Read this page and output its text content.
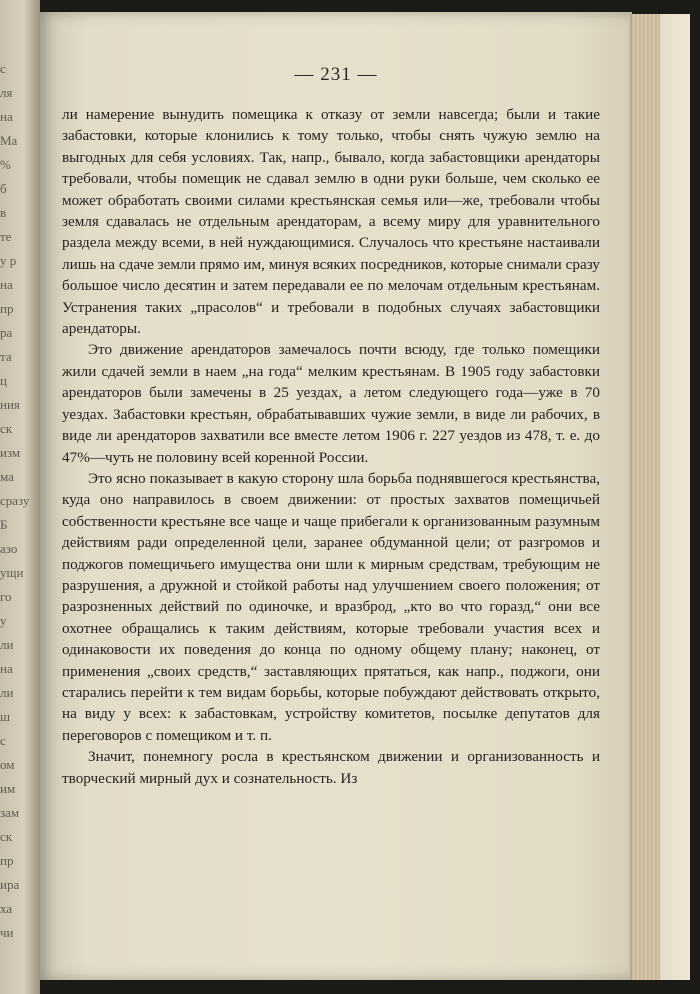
с
ля
на
Ма
%
б
в
те
у р
на
пр
ра
та
ц
ния
ск
изм
ма
сразу
Б
азо
ущи
го
у
ли
на
ли
ш
с
ом
им
зам
ск
пр
ира
ха
чи
— 231 —

ли намерение вынудить помещика к отказу от земли навсегда; были и такие забастовки, которые клонились к тому только, чтобы снять чужую землю на выгодных для себя условиях. Так, напр., бывало, когда забастовщики арендаторы требовали, чтобы помещик не сдавал землю в одни руки больше, чем сколько ее может обработать своими силами крестьянская семья или—же, требовали чтобы земля сдавалась не отдельным арендаторам, а всему миру для уравнительного раздела между всеми, в ней нуждающимися. Случалось что крестьяне настаивали лишь на сдаче земли прямо им, минуя всяких посредников, которые снимали сразу большое число десятин и затем передавали ее по мелочам отдельным крестьянам. Устранения таких „прасолов“ и требовали в подобных случаях забастовщики арендаторы.

Это движение арендаторов замечалось почти всюду, где только помещики жили сдачей земли в наем „на года“ мелким крестьянам. В 1905 году забастовки арендаторов были замечены в 25 уездах, а летом следующего года—уже в 70 уездах. Забастовки крестьян, обрабатывавших чужие земли, в виде ли рабочих, в виде ли арендаторов захватили все вместе летом 1906 г. 227 уездов из 478, т. е. до 47%—чуть не половину всей коренной России.

Это ясно показывает в какую сторону шла борьба поднявшегося крестьянства, куда оно направилось в своем движении: от простых захватов помещичьей собственности крестьяне все чаще и чаще прибегали к организованным разумным действиям ради определенной цели, заранее обдуманной цели; от разгромов и поджогов помещичьего имущества они шли к мирным средствам, требующим не разрушения, а дружной и стойкой работы над улучшением своего положения; от разрозненных действий по одиночке, и вразброд, „кто во что горазд,“ они все охотнее обращались к таким действиям, которые требовали участия всех и одинаковости их поведения до конца по одному общему плану; наконец, от применения „своих средств,“ заставляющих прятаться, как напр., поджоги, они старались перейти к тем видам борьбы, которые побуждают действовать открыто, на виду у всех: к забастовкам, устройству комитетов, посылке депутатов для переговоров с помещиком и т. п.

Значит, понемногу росла в крестьянском движении и организованность и творческий мирный дух и сознательность. Из
